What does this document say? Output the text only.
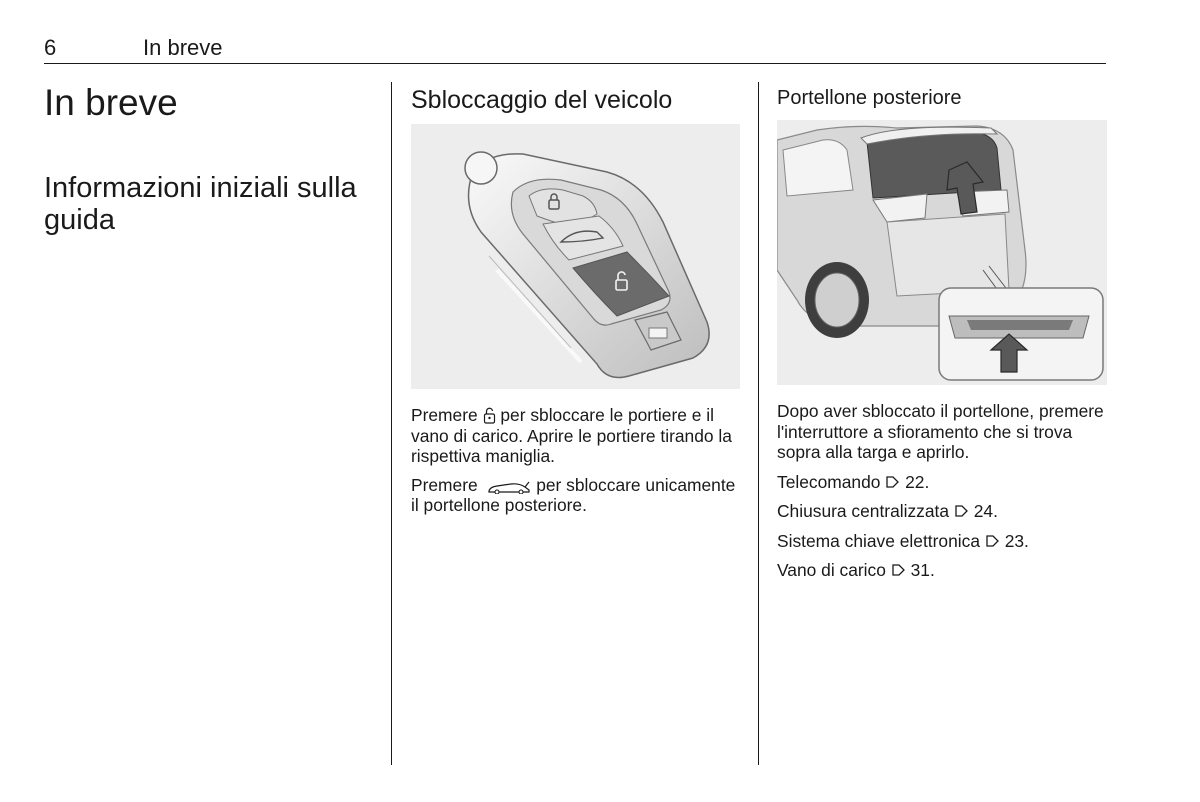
6	In breve
In breve
Informazioni iniziali sulla guida
Sbloccaggio del veicolo

Premere  per sbloccare le portiere e il vano di carico. Aprire le portiere tirando la rispettiva maniglia.

Premere	per sbloccare unicamente il portellone posteriore.

Portellone posteriore

Dopo aver sbloccato il portellone, premere l'interruttore a sfioramento che si trova sopra alla targa e aprirlo.

Telecomando 22.

Chiusura centralizzata 24.

Sistema chiave elettronica 23.

Vano di carico 31.
